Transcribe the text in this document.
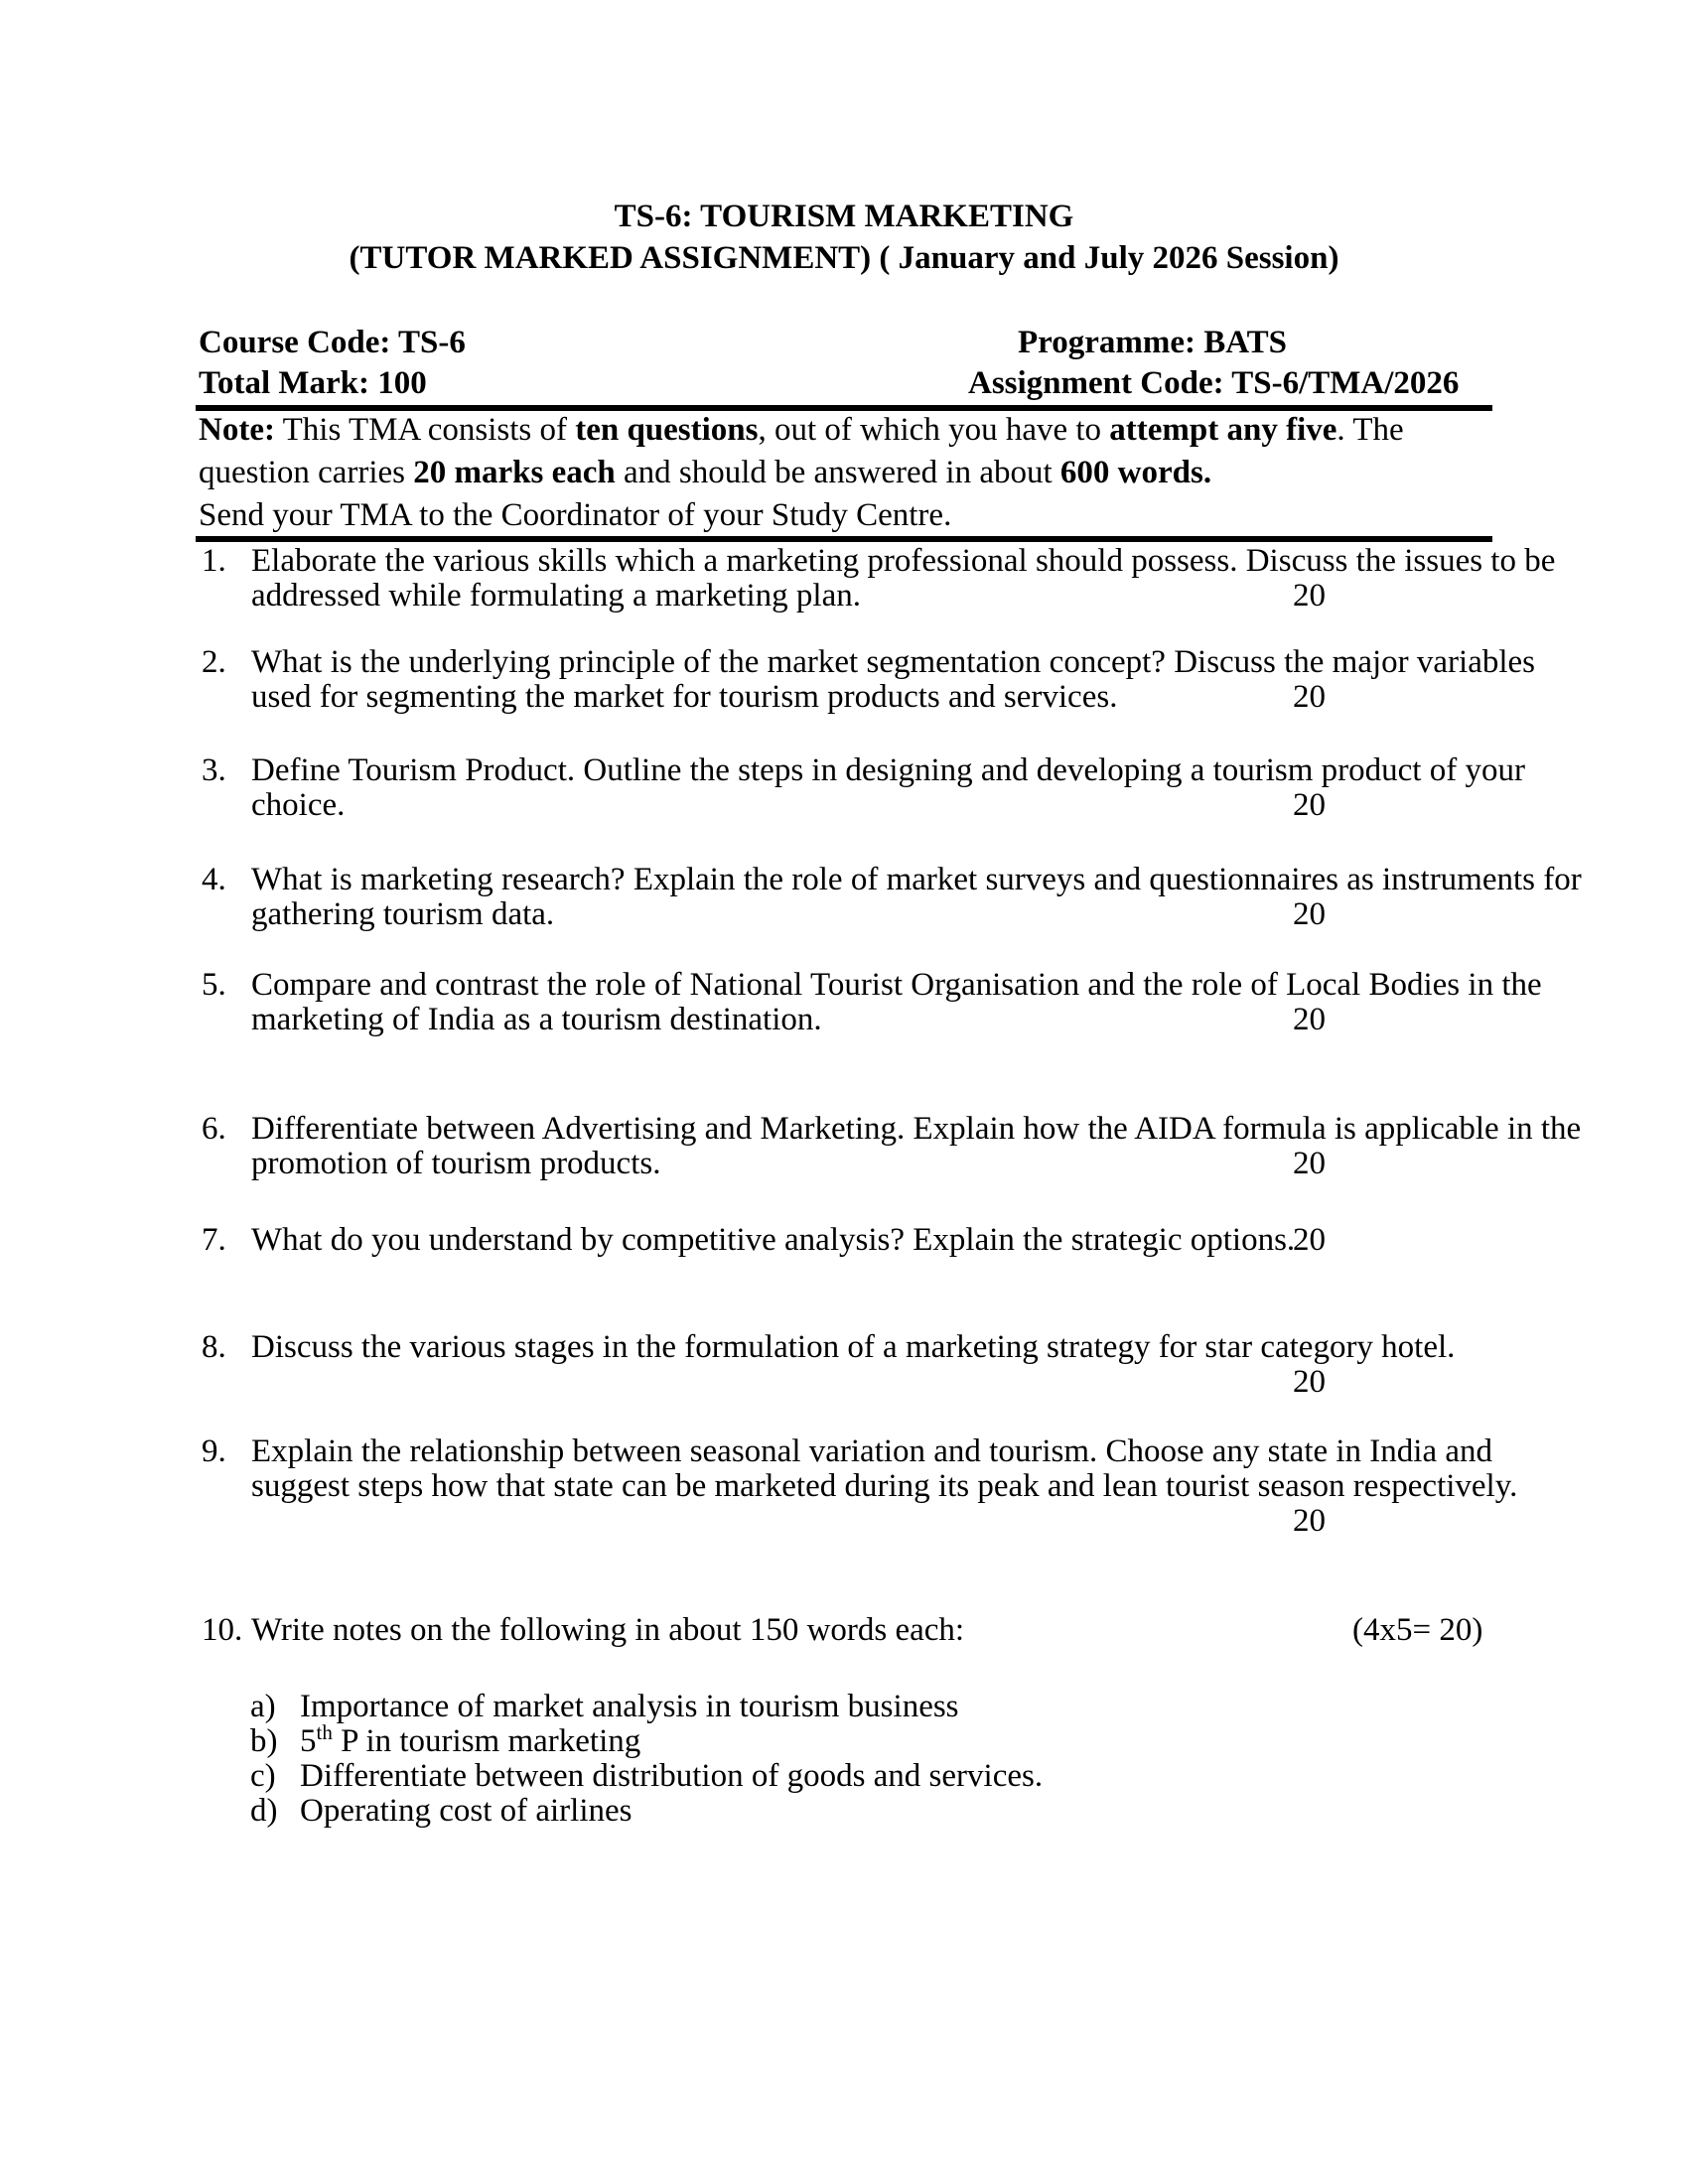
TS-6: TOURISM MARKETING
(TUTOR MARKED ASSIGNMENT) ( January and July 2026 Session)
Course Code: TS-6	Programme: BATS
Total Mark: 100	Assignment Code: TS-6/TMA/2026
Note: This TMA consists of ten questions, out of which you have to attempt any five. The
question carries 20 marks each and should be answered in about 600 words.
Send your TMA to the Coordinator of your Study Centre.
1. Elaborate the various skills which a marketing professional should possess. Discuss the issues to be
addressed while formulating a marketing plan.	20
2. What is the underlying principle of the market segmentation concept? Discuss the major variables
used for segmenting the market for tourism products and services.	20
3. Define Tourism Product. Outline the steps in designing and developing a tourism product of your
choice.	20
4. What is marketing research? Explain the role of market surveys and questionnaires as instruments for
gathering tourism data.	20
5. Compare and contrast the role of National Tourist Organisation and the role of Local Bodies in the
marketing of India as a tourism destination.	20
6. Differentiate between Advertising and Marketing. Explain how the AIDA formula is applicable in the
promotion of tourism products.	20
7. What do you understand by competitive analysis? Explain the strategic options.
20
8. Discuss the various stages in the formulation of a marketing strategy for star category hotel.
20
9. Explain the relationship between seasonal variation and tourism. Choose any state in India and
suggest steps how that state can be marketed during its peak and lean tourist season respectively.
20
10. Write notes on the following in about 150 words each:	(4x5= 20)
a) Importance of market analysis in tourism business
b) 5th P in tourism marketing
c) Differentiate between distribution of goods and services.
d) Operating cost of airlines
